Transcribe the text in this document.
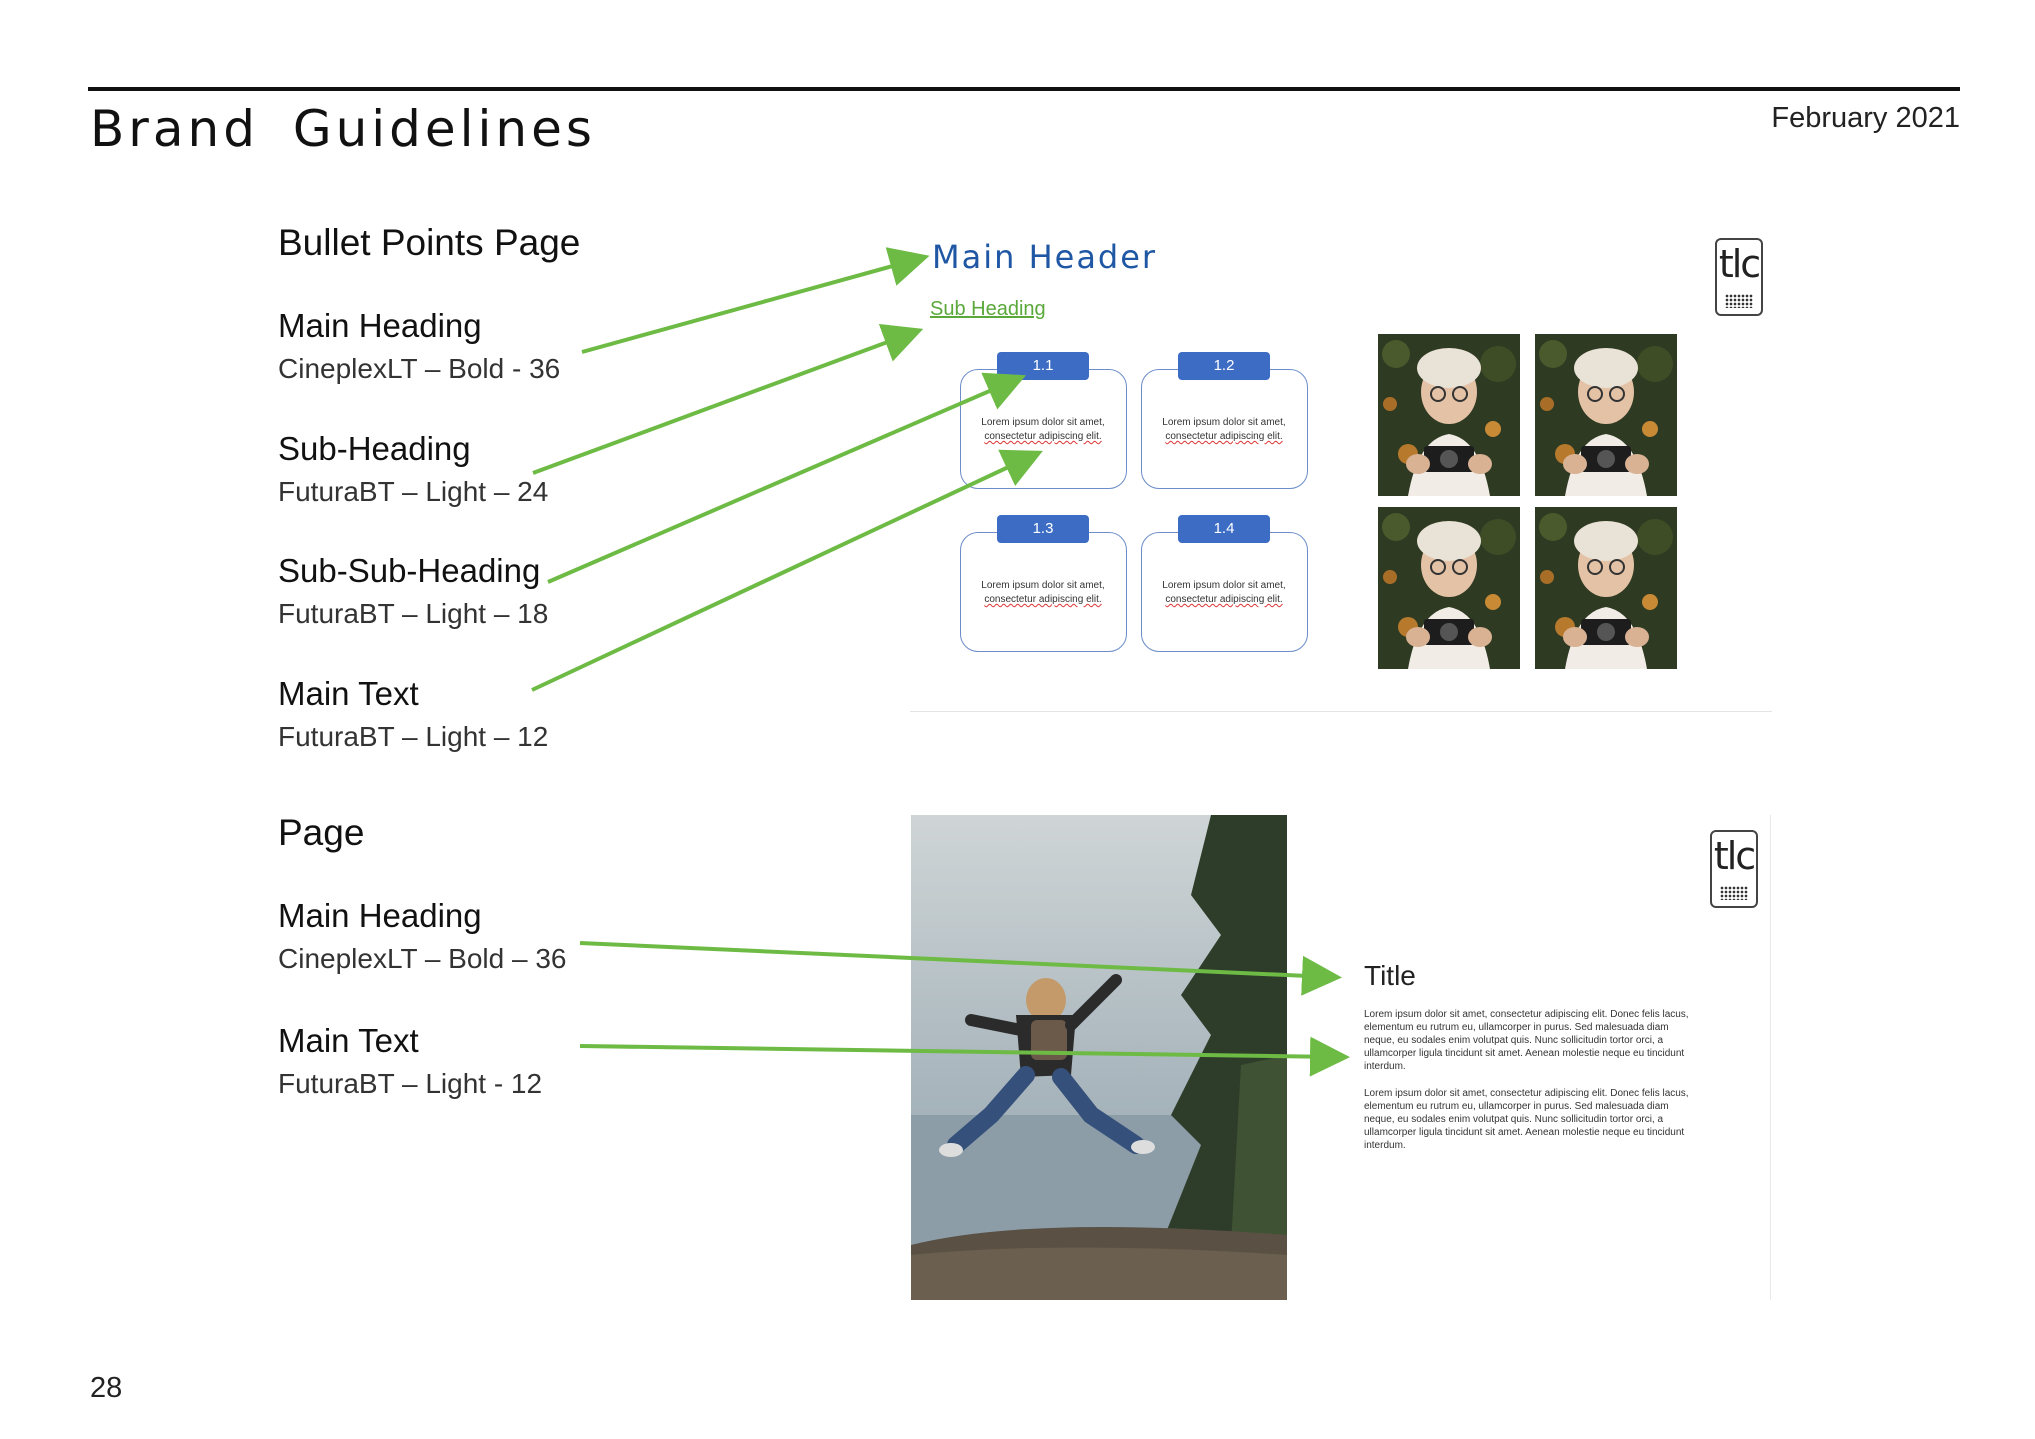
Brand Guidelines	February 2021
Bullet Points Page
Main Heading
CineplexLT – Bold - 36
Sub-Heading
FuturaBT – Light – 24
Sub-Sub-Heading
FuturaBT – Light – 18
Main Text
FuturaBT – Light – 12
Page
Main Heading
CineplexLT – Bold – 36
Main Text
FuturaBT – Light - 12
Main Header
Sub Heading
tlc
Lorem ipsum dolor sit amet,
consectetur adipiscing elit.
1.1
Lorem ipsum dolor sit amet,
consectetur adipiscing elit.
1.2
Lorem ipsum dolor sit amet,
consectetur adipiscing elit.
1.3
Lorem ipsum dolor sit amet,
consectetur adipiscing elit.
1.4
tlc
Title
Lorem ipsum dolor sit amet, consectetur adipiscing elit. Donec felis lacus, elementum eu rutrum eu, ullamcorper in purus. Sed malesuada diam neque, eu sodales enim volutpat quis. Nunc sollicitudin tortor orci, a ullamcorper ligula tincidunt sit amet. Aenean molestie neque eu tincidunt interdum.
Lorem ipsum dolor sit amet, consectetur adipiscing elit. Donec felis lacus, elementum eu rutrum eu, ullamcorper in purus. Sed malesuada diam neque, eu sodales enim volutpat quis. Nunc sollicitudin tortor orci, a ullamcorper ligula tincidunt sit amet. Aenean molestie neque eu tincidunt interdum.
28
